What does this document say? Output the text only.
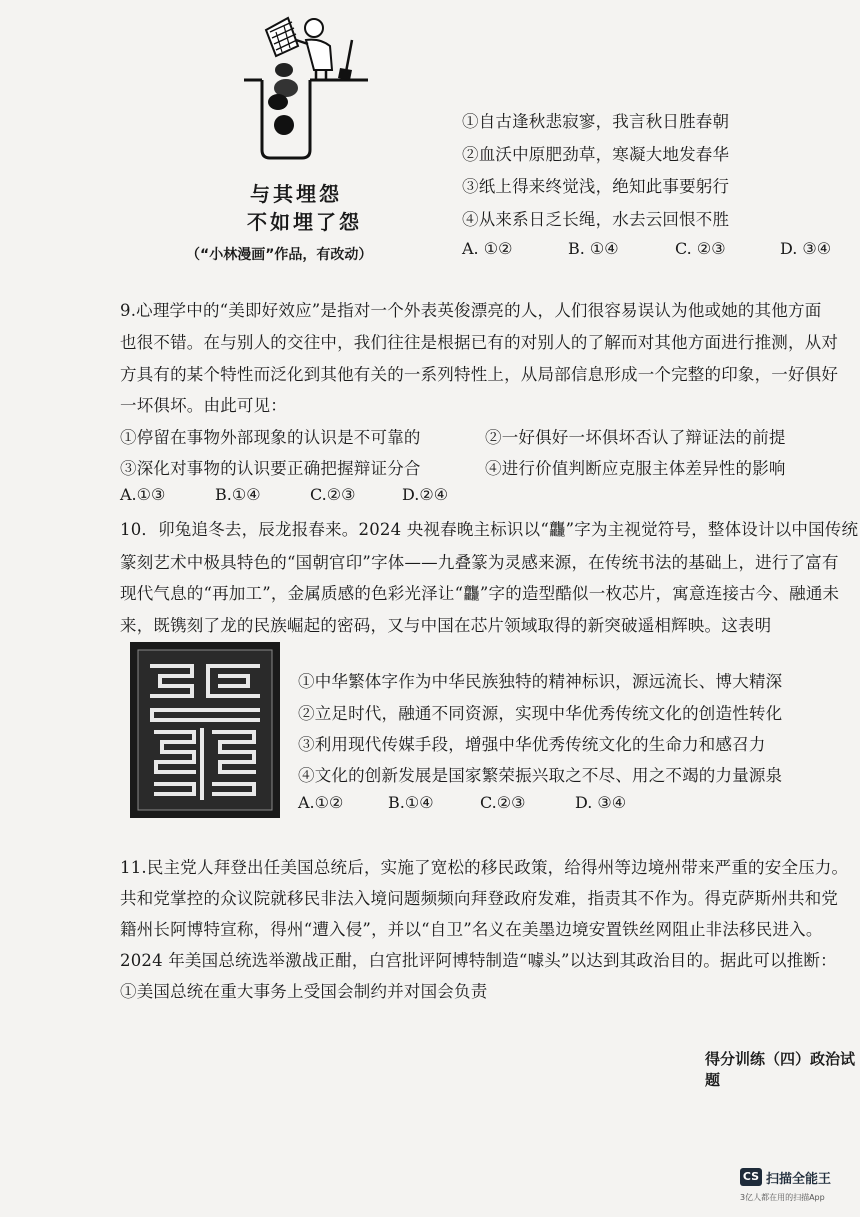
与其埋怨
不如埋了怨
（“小林漫画”作品，有改动）
①自古逢秋悲寂寥，我言秋日胜春朝
②血沃中原肥劲草，寒凝大地发春华
③纸上得来终觉浅，绝知此事要躬行
④从来系日乏长绳，水去云回恨不胜
A. ①②	B. ①④	C. ②③	D. ③④
9.心理学中的“美即好效应”是指对一个外表英俊漂亮的人，人们很容易误认为他或她的其他方面
也很不错。在与别人的交往中，我们往往是根据已有的对别人的了解而对其他方面进行推测，从对
方具有的某个特性而泛化到其他有关的一系列特性上，从局部信息形成一个完整的印象，一好俱好
一坏俱坏。由此可见：
①停留在事物外部现象的认识是不可靠的	②一好俱好一坏俱坏否认了辩证法的前提
③深化对事物的认识要正确把握辩证分合	④进行价值判断应克服主体差异性的影响
A.①③	B.①④	C.②③	D.②④
10．卯兔追冬去，辰龙报春来。2024 央视春晚主标识以“龘”字为主视觉符号，整体设计以中国传统
篆刻艺术中极具特色的“国朝官印”字体——九叠篆为灵感来源，在传统书法的基础上，进行了富有
现代气息的“再加工”，金属质感的色彩光泽让“龘”字的造型酷似一枚芯片，寓意连接古今、融通未
来，既镌刻了龙的民族崛起的密码，又与中国在芯片领域取得的新突破遥相辉映。这表明
①中华繁体字作为中华民族独特的精神标识，源远流长、博大精深
②立足时代，融通不同资源，实现中华优秀传统文化的创造性转化
③利用现代传媒手段，增强中华优秀传统文化的生命力和感召力
④文化的创新发展是国家繁荣振兴取之不尽、用之不竭的力量源泉
A.①②	B.①④	C.②③	D. ③④
11.民主党人拜登出任美国总统后，实施了宽松的移民政策，给得州等边境州带来严重的安全压力。
共和党掌控的众议院就移民非法入境问题频频向拜登政府发难，指责其不作为。得克萨斯州共和党
籍州长阿博特宣称，得州“遭入侵”，并以“自卫”名义在美墨边境安置铁丝网阻止非法移民进入。
2024 年美国总统选举激战正酣，白宫批评阿博特制造“噱头”以达到其政治目的。据此可以推断：
①美国总统在重大事务上受国会制约并对国会负责
得分训练（四）政治试题
CS 扫描全能王
3亿人都在用的扫描App
